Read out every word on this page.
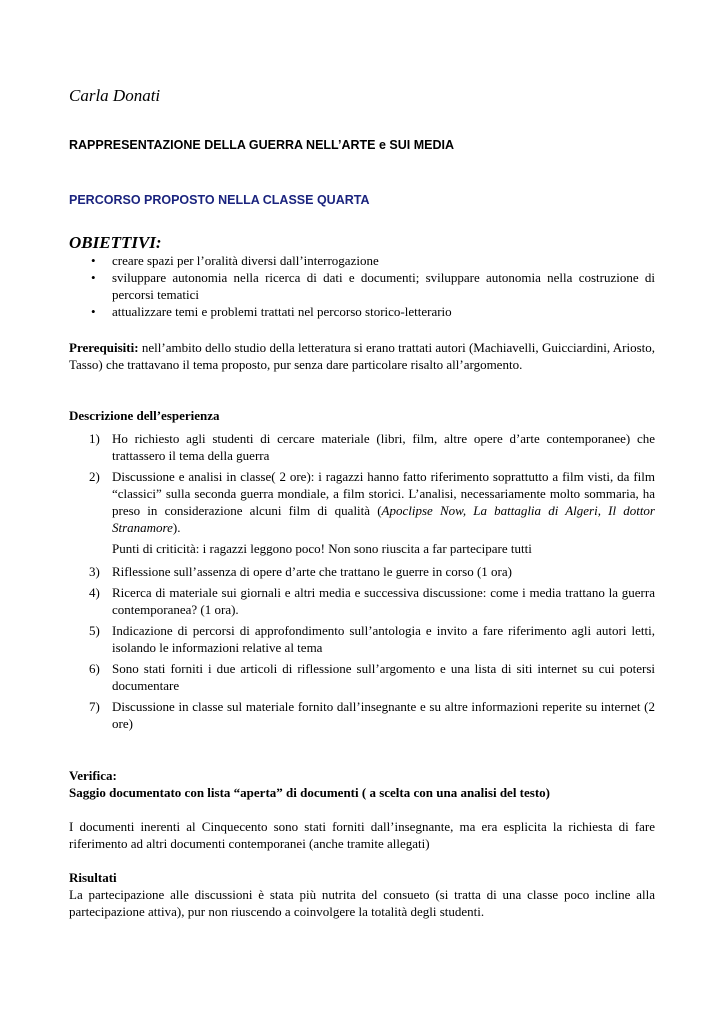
Carla Donati
RAPPRESENTAZIONE DELLA GUERRA NELL’ARTE e SUI MEDIA
PERCORSO PROPOSTO NELLA CLASSE QUARTA
OBIETTIVI:
• creare spazi per l’oralità diversi dall’interrogazione
• sviluppare autonomia nella ricerca di dati e documenti; sviluppare autonomia nella costruzione di percorsi tematici
• attualizzare temi e problemi trattati nel percorso storico-letterario
Prerequisiti: nell’ambito dello studio della letteratura si erano trattati autori (Machiavelli, Guicciardini, Ariosto, Tasso) che trattavano il tema proposto, pur senza dare particolare risalto all’argomento.
Descrizione dell’esperienza
1) Ho richiesto agli studenti di cercare materiale (libri, film, altre opere d’arte contemporanee) che trattassero il tema della guerra
2) Discussione e analisi in classe( 2 ore): i ragazzi hanno fatto riferimento soprattutto a film visti, da film “classici” sulla seconda guerra mondiale, a film storici. L’analisi, necessariamente molto sommaria, ha preso in considerazione alcuni film di qualità (Apoclipse Now, La battaglia di Algeri, Il dottor Stranamore).
Punti di criticità: i ragazzi leggono poco! Non sono riuscita a far partecipare tutti
3) Riflessione sull’assenza di opere d’arte che trattano le guerre in corso (1 ora)
4) Ricerca di materiale sui giornali e altri media e successiva discussione: come i media trattano la guerra contemporanea? (1 ora).
5) Indicazione di percorsi di approfondimento sull’antologia e invito a fare riferimento agli autori letti, isolando le informazioni relative al tema
6) Sono stati forniti i due articoli di riflessione sull’argomento e una lista di siti internet su cui potersi documentare
7) Discussione in classe sul materiale fornito dall’insegnante e su altre informazioni reperite su internet (2 ore)
Verifica:
Saggio documentato con lista “aperta” di documenti ( a scelta con una analisi del testo)
I documenti inerenti al Cinquecento sono stati forniti dall’insegnante, ma era esplicita la richiesta di fare riferimento ad altri documenti contemporanei (anche tramite allegati)
Risultati
La partecipazione alle discussioni è stata più nutrita del consueto (si tratta di una classe poco incline alla partecipazione attiva), pur non riuscendo a coinvolgere la totalità degli studenti.
